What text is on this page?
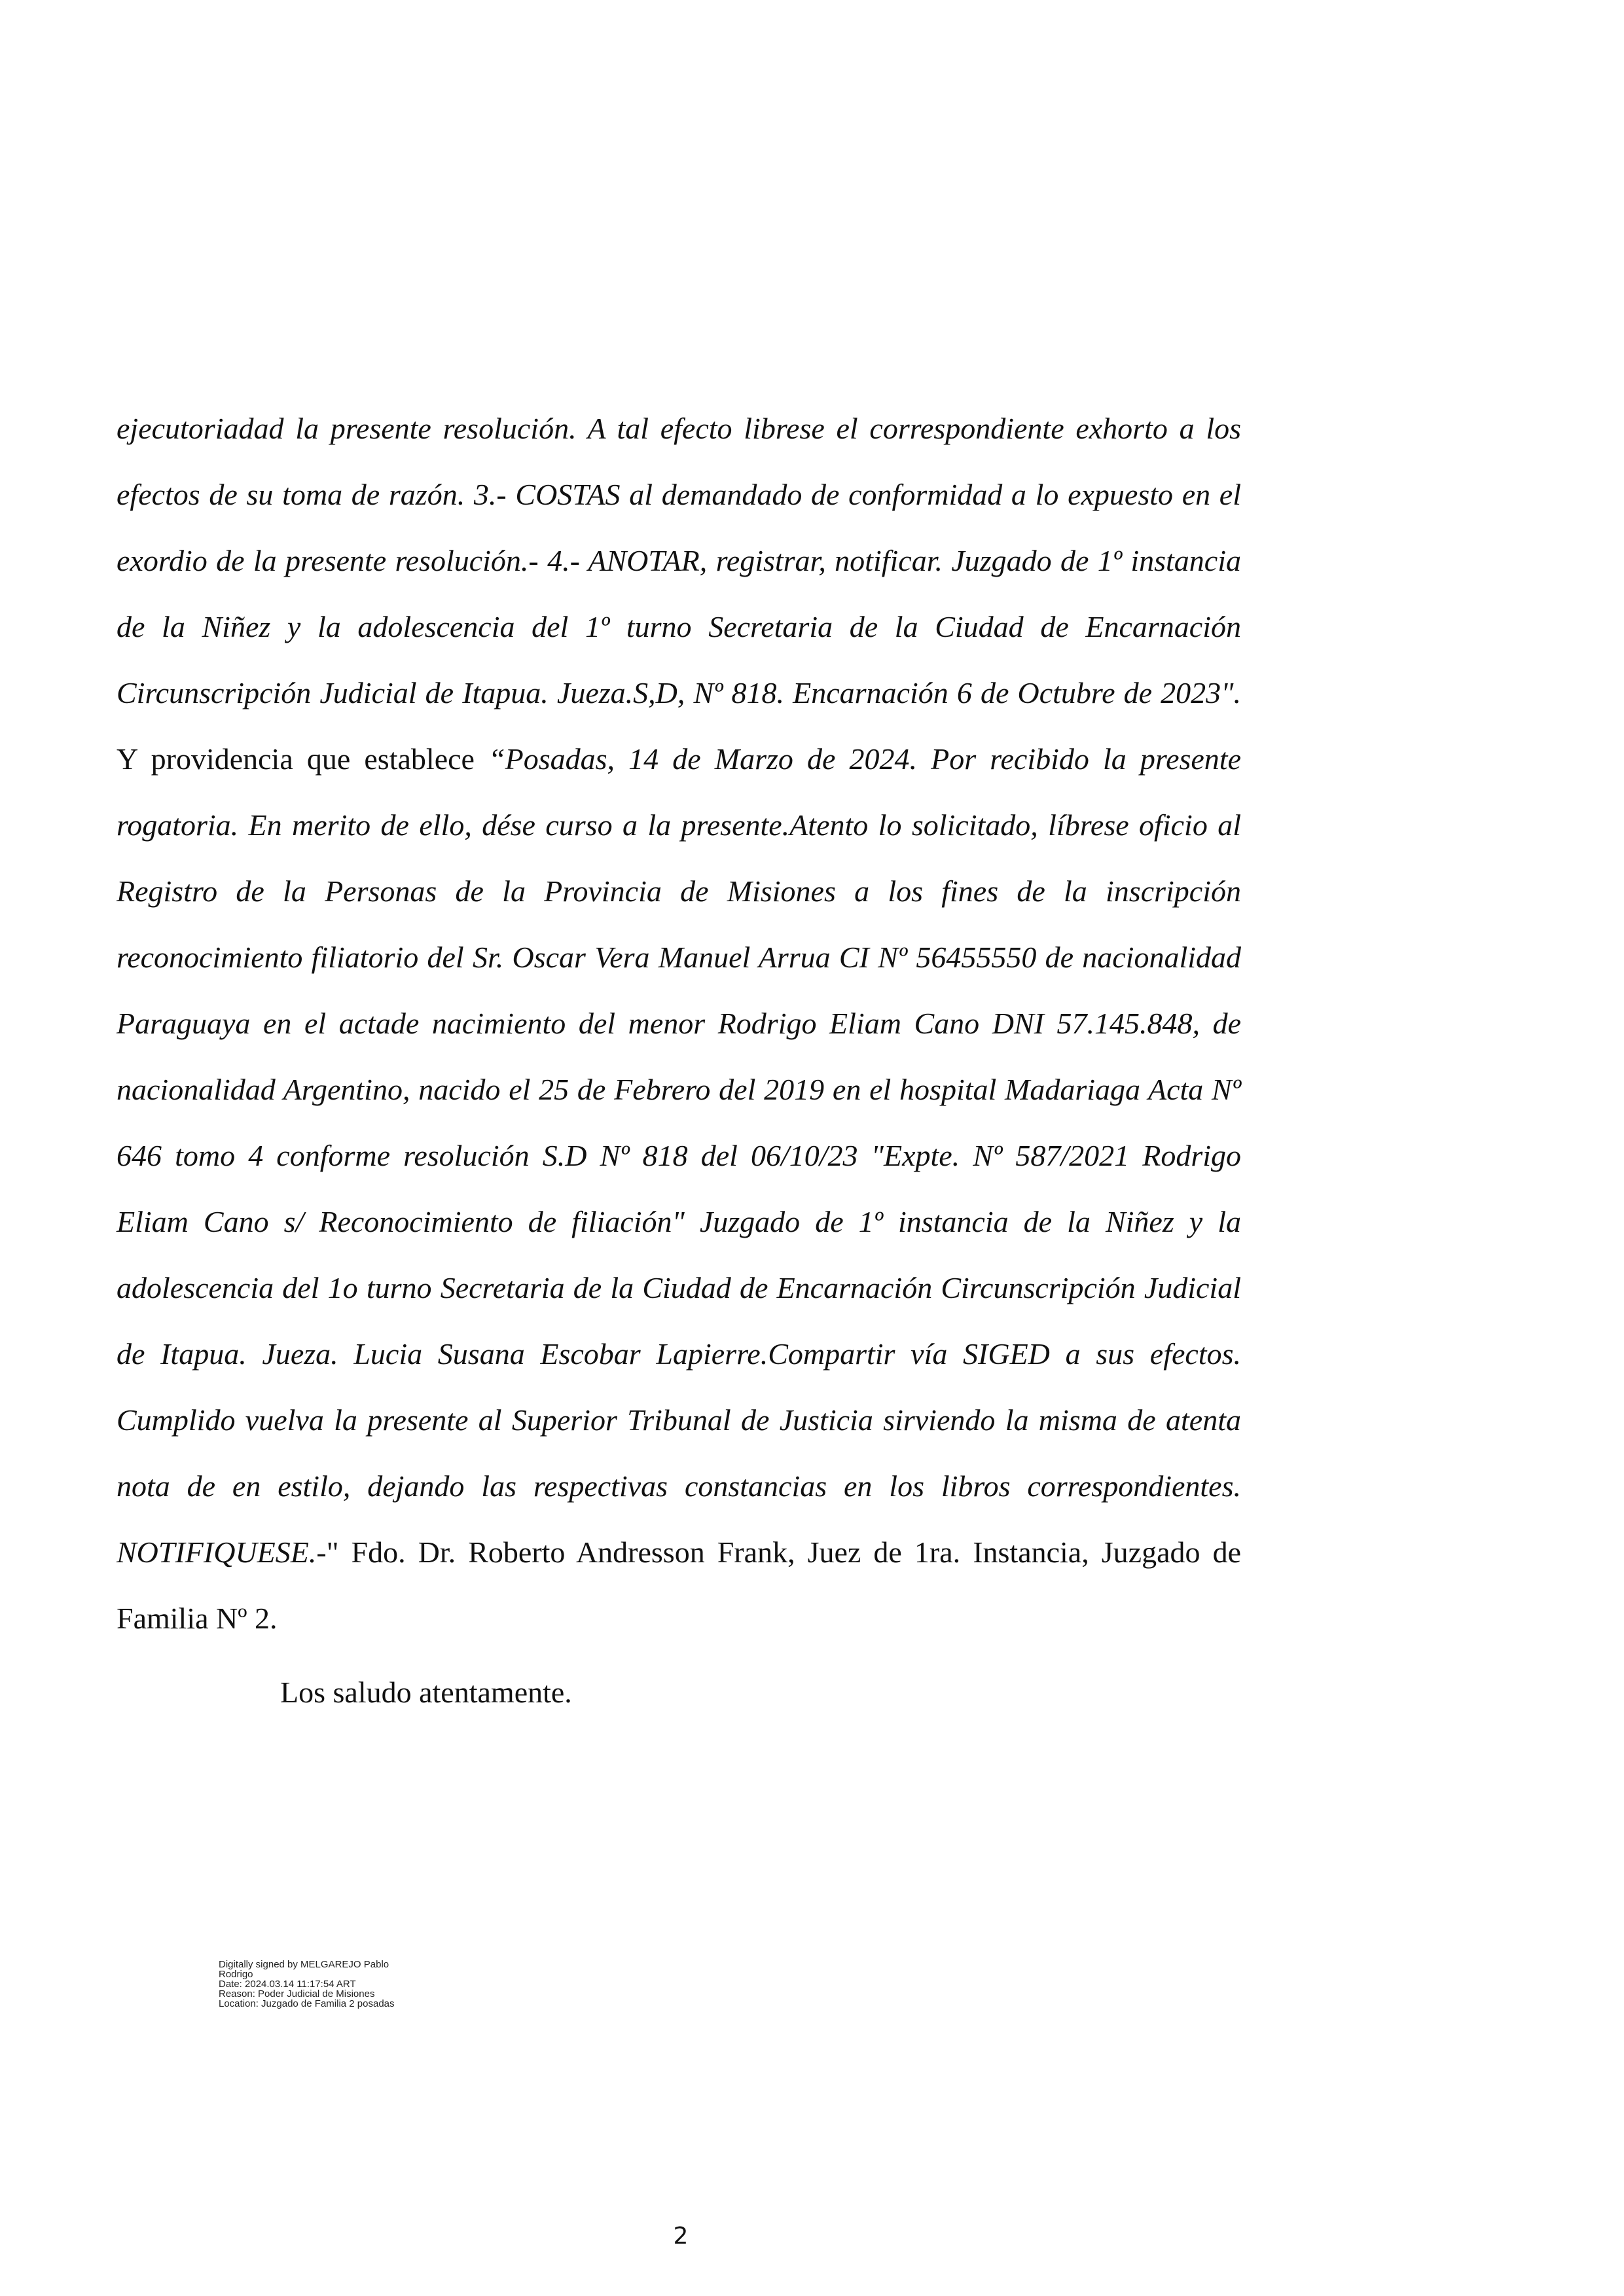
ejecutoriadad la presente resolución. A tal efecto librese el correspondiente exhorto a los efectos de su toma de razón. 3.- COSTAS al demandado de conformidad a lo expuesto en el exordio de la presente resolución.- 4.- ANOTAR, registrar, notificar. Juzgado de 1º instancia de la Niñez y la adolescencia del 1º turno Secretaria de la Ciudad de Encarnación Circunscripción Judicial de Itapua. Jueza.S,D, Nº 818. Encarnación 6 de Octubre de 2023". Y providencia que establece “Posadas, 14 de Marzo de 2024. Por recibido la presente rogatoria. En merito de ello, dése curso a la presente.Atento lo solicitado, líbrese oficio al Registro de la Personas de la Provincia de Misiones a los fines de la inscripción reconocimiento filiatorio del Sr. Oscar Vera Manuel Arrua CI Nº 56455550 de nacionalidad Paraguaya en el actade nacimiento del menor Rodrigo Eliam Cano DNI 57.145.848, de nacionalidad Argentino, nacido el 25 de Febrero del 2019 en el hospital Madariaga Acta Nº 646 tomo 4 conforme resolución S.D Nº 818 del 06/10/23 "Expte. Nº 587/2021 Rodrigo Eliam Cano s/ Reconocimiento de filiación" Juzgado de 1º instancia de la Niñez y la adolescencia del 1o turno Secretaria de la Ciudad de Encarnación Circunscripción Judicial de Itapua. Jueza. Lucia Susana Escobar Lapierre.Compartir vía SIGED a sus efectos. Cumplido vuelva la presente al Superior Tribunal de Justicia sirviendo la misma de atenta nota de en estilo, dejando las respectivas constancias en los libros correspondientes. NOTIFIQUESE.-" Fdo. Dr. Roberto Andresson Frank, Juez de 1ra. Instancia, Juzgado de Familia Nº 2.

Los saludo atentamente.

Digitally signed by MELGAREJO Pablo
Rodrigo
Date: 2024.03.14 11:17:54 ART
Reason: Poder Judicial de Misiones
Location: Juzgado de Familia 2 posadas
2
